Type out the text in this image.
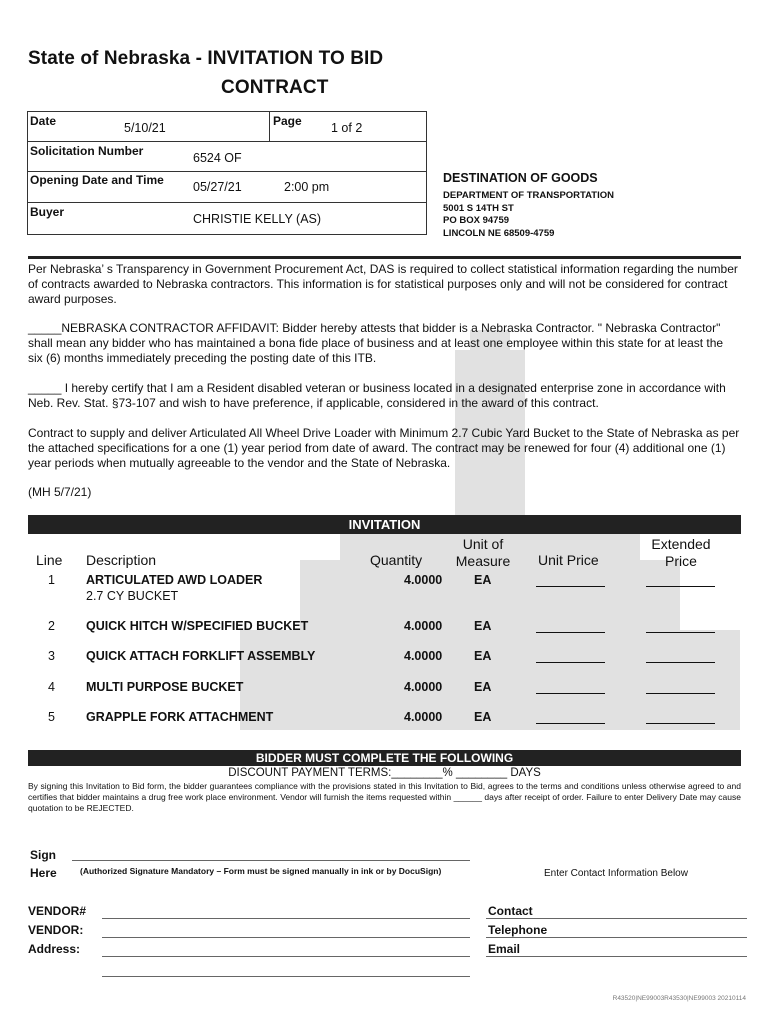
State of Nebraska - INVITATION TO BID
CONTRACT
Date	5/10/21	Page 1 of 2
Solicitation Number	6524 OF
Opening Date and Time 05/27/21	2:00 pm
Buyer	CHRISTIE KELLY (AS)
DESTINATION OF GOODS
DEPARTMENT OF TRANSPORTATION
5001 S 14TH ST
PO BOX 94759
LINCOLN NE 68509-4759
Per Nebraska’ s Transparency in Government Procurement Act, DAS is required to collect statistical information regarding the number of contracts awarded to Nebraska contractors. This information is for statistical purposes only and will not be considered for contract award purposes.
_____NEBRASKA CONTRACTOR AFFIDAVIT: Bidder hereby attests that bidder is a Nebraska Contractor. " Nebraska Contractor" shall mean any bidder who has maintained a bona fide place of business and at least one employee within this state for at least the six (6) months immediately preceding the posting date of this ITB.
_____ I hereby certify that I am a Resident disabled veteran or business located in a designated enterprise zone in accordance with Neb. Rev. Stat. §73-107 and wish to have preference, if applicable, considered in the award of this contract.
Contract to supply and deliver Articulated All Wheel Drive Loader with Minimum 2.7 Cubic Yard Bucket to the State of Nebraska as per the attached specifications for a one (1) year period from date of award. The contract may be renewed for four (4) additional one (1) year periods when mutually agreeable to the vendor and the State of Nebraska.
(MH 5/7/21)
INVITATION
Line Description	Quantity
Unit of Measure Unit Price
Extended Price
1 ARTICULATED AWD LOADER
2.7 CY BUCKET
4.0000	EA
2 QUICK HITCH W/SPECIFIED BUCKET	4.0000	EA
3 QUICK ATTACH FORKLIFT ASSEMBLY	4.0000	EA
4 MULTI PURPOSE BUCKET	4.0000	EA
5 GRAPPLE FORK ATTACHMENT	4.0000	EA
BIDDER MUST COMPLETE THE FOLLOWING
DISCOUNT PAYMENT TERMS:________% ________ DAYS
By signing this Invitation to Bid form, the bidder guarantees compliance with the provisions stated in this Invitation to Bid, agrees to the terms and conditions unless otherwise agreed to and certifies that bidder maintains a drug free work place environment. Vendor will furnish the items requested within ______ days after receipt of order. Failure to enter Delivery Date may cause quotation to be REJECTED.
Sign
Here	(Authorized Signature Mandatory – Form must be signed manually in ink or by DocuSign)	Enter Contact Information Below
VENDOR#
VENDOR:
Address:
Contact
Telephone
Email
R43520|NE99003R43530|NE99003 20210114
